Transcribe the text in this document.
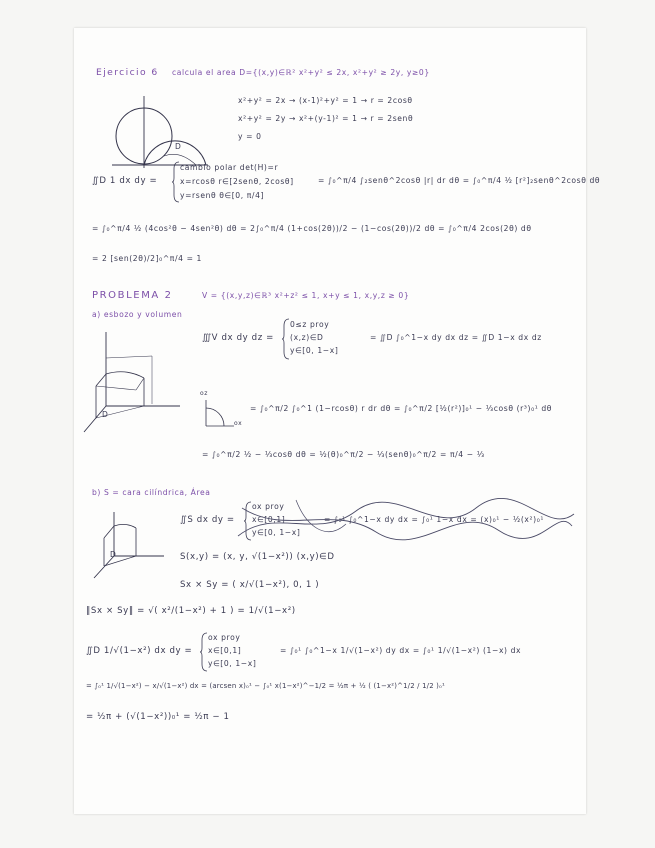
Ejercicio 6 calcula el area D={(x,y)∈ℝ² x²+y² ≤ 2x, x²+y² ≥ 2y, y≥0}
D
x²+y² = 2x → (x-1)²+y² = 1 → r = 2cosθ
x²+y² = 2y → x²+(y-1)² = 1 → r = 2senθ
y = 0
∬D 1 dx dy =
cambio polar det(H)=r
x=rcosθ r∈[2senθ, 2cosθ]
y=rsenθ θ∈[0, π/4]
= ∫₀^π/4 ∫₂senθ^2cosθ |r| dr dθ = ∫₀^π/4 ½ [r²]₂senθ^2cosθ dθ
= ∫₀^π/4 ½ (4cos²θ − 4sen²θ) dθ = 2∫₀^π/4 (1+cos(2θ))/2 − (1−cos(2θ))/2 dθ = ∫₀^π/4 2cos(2θ) dθ
= 2 [sen(2θ)/2]₀^π/4 = 1
PROBLEMA 2	V = {(x,y,z)∈ℝ³ x²+z² ≤ 1, x+y ≤ 1, x,y,z ≥ 0}
a) esbozo y volumen
∭V dx dy dz =
0≤z proy
(x,z)∈D
y∈[0, 1−x]
= ∬D ∫₀^1−x dy dx dz = ∬D 1−x dx dz
D
oz
ox
= ∫₀^π/2 ∫₀^1 (1−rcosθ) r dr dθ = ∫₀^π/2 [½(r²)]₀¹ − ⅓cosθ (r³)₀¹ dθ
= ∫₀^π/2 ½ − ⅓cosθ dθ = ½(θ)₀^π/2 − ⅓(senθ)₀^π/2 = π/4 − ⅓
b) S = cara cilíndrica, Área
∬S dx dy =
ox proy
x∈[0,1]
y∈[0, 1−x]
= ∫₀¹ ∫₀^1−x dy dx = ∫₀¹ 1−x dx = (x)₀¹ − ½(x²)₀¹
D	S(x,y) = (x, y, √(1−x²)) (x,y)∈D
Sx × Sy = ( x/√(1−x²), 0, 1 )
‖Sx × Sy‖ = √( x²/(1−x²) + 1 ) = 1/√(1−x²)
∬D 1/√(1−x²) dx dy =
ox proy
x∈[0,1]
y∈[0, 1−x]
= ∫₀¹ ∫₀^1−x 1/√(1−x²) dy dx = ∫₀¹ 1/√(1−x²) (1−x) dx
= ∫₀¹ 1/√(1−x²) − x/√(1−x²) dx = (arcsen x)₀¹ − ∫₀¹ x(1−x²)^−1/2 = ½π + ½ ( (1−x²)^1/2 / 1/2 )₀¹
= ½π + (√(1−x²))₀¹ = ½π − 1
